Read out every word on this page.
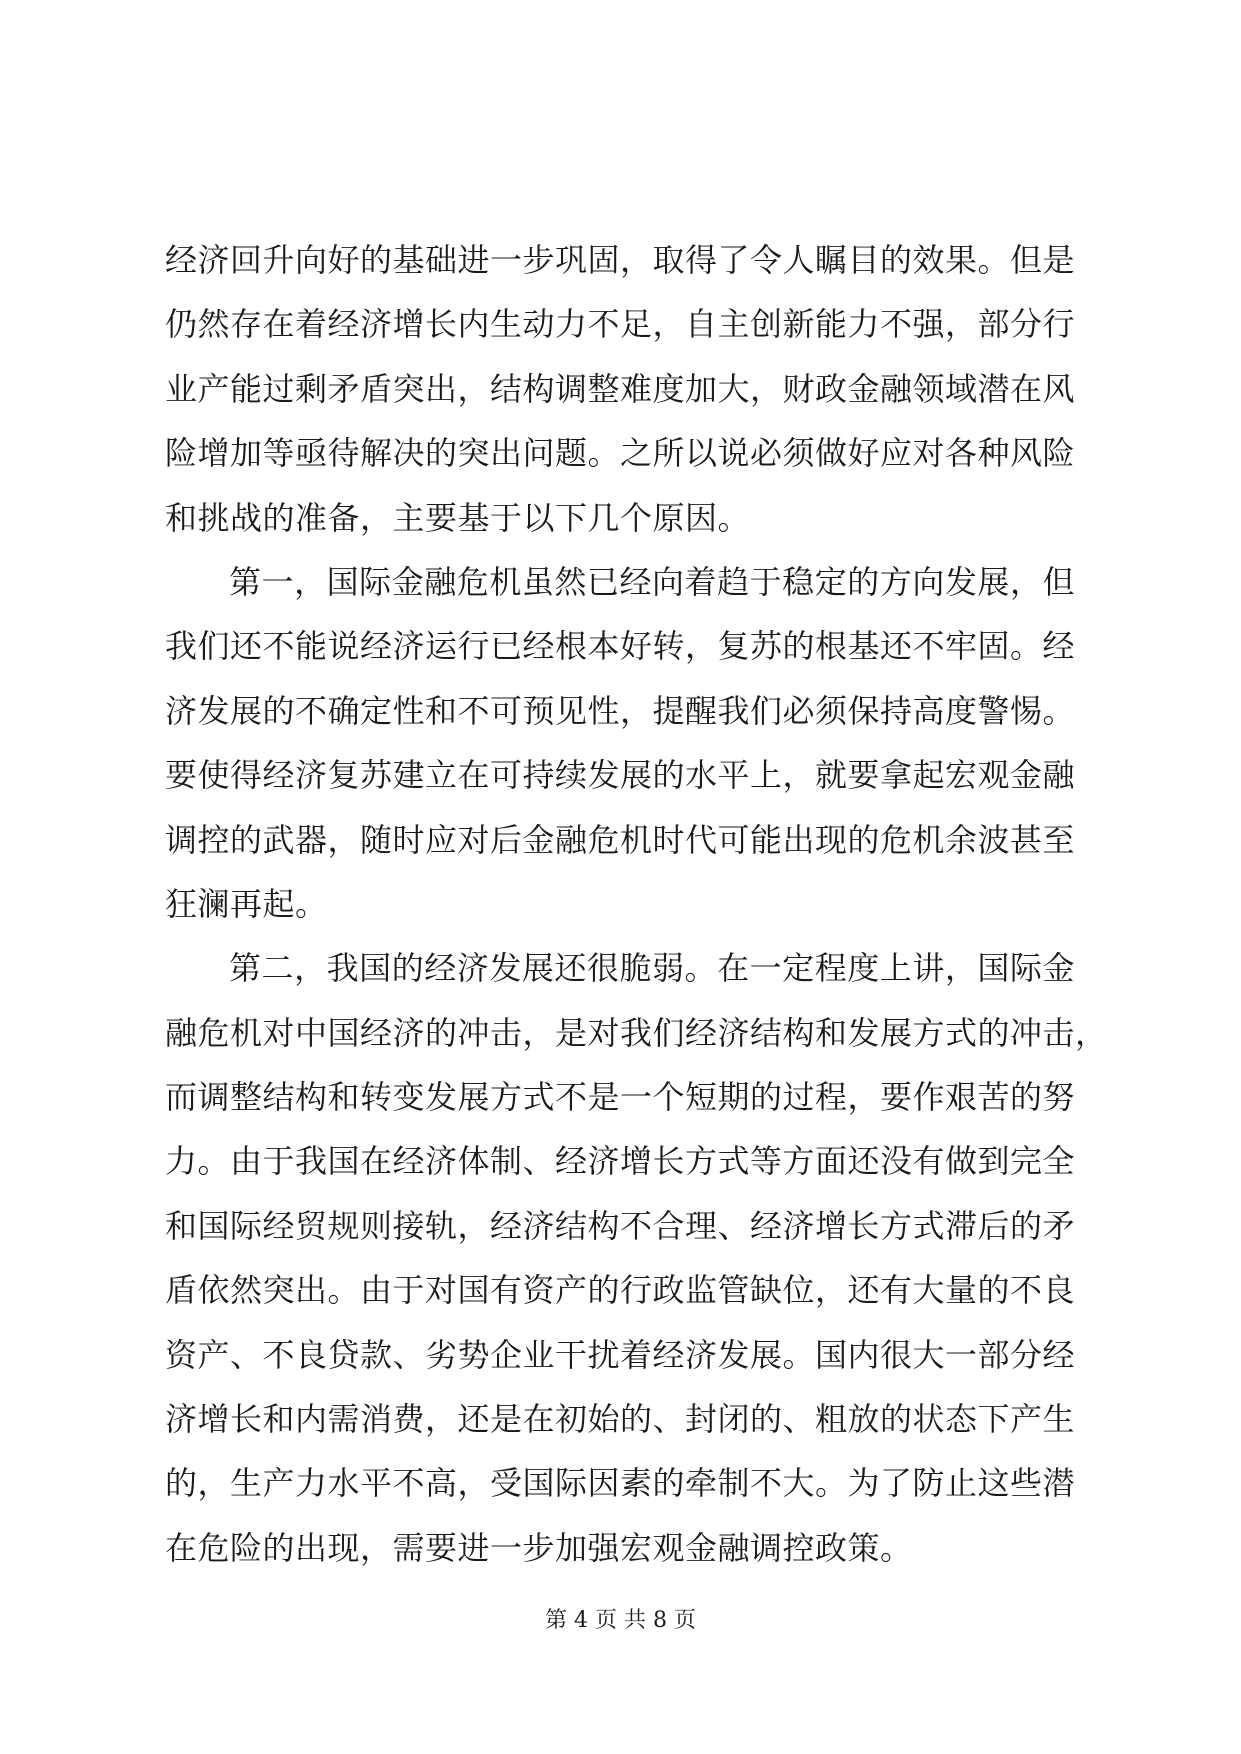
经济回升向好的基础进一步巩固，取得了令人瞩目的效果。但是
仍然存在着经济增长内生动力不足，自主创新能力不强，部分行
业产能过剩矛盾突出，结构调整难度加大，财政金融领域潜在风
险增加等亟待解决的突出问题。之所以说必须做好应对各种风险
和挑战的准备，主要基于以下几个原因。
第一，国际金融危机虽然已经向着趋于稳定的方向发展，但
我们还不能说经济运行已经根本好转，复苏的根基还不牢固。经
济发展的不确定性和不可预见性，提醒我们必须保持高度警惕。
要使得经济复苏建立在可持续发展的水平上，就要拿起宏观金融
调控的武器，随时应对后金融危机时代可能出现的危机余波甚至
狂澜再起。
第二，我国的经济发展还很脆弱。在一定程度上讲，国际金
融危机对中国经济的冲击，是对我们经济结构和发展方式的冲击，
而调整结构和转变发展方式不是一个短期的过程，要作艰苦的努
力。由于我国在经济体制、经济增长方式等方面还没有做到完全
和国际经贸规则接轨，经济结构不合理、经济增长方式滞后的矛
盾依然突出。由于对国有资产的行政监管缺位，还有大量的不良
资产、不良贷款、劣势企业干扰着经济发展。国内很大一部分经
济增长和内需消费，还是在初始的、封闭的、粗放的状态下产生
的，生产力水平不高，受国际因素的牵制不大。为了防止这些潜
在危险的出现，需要进一步加强宏观金融调控政策。
第 4 页 共 8 页
